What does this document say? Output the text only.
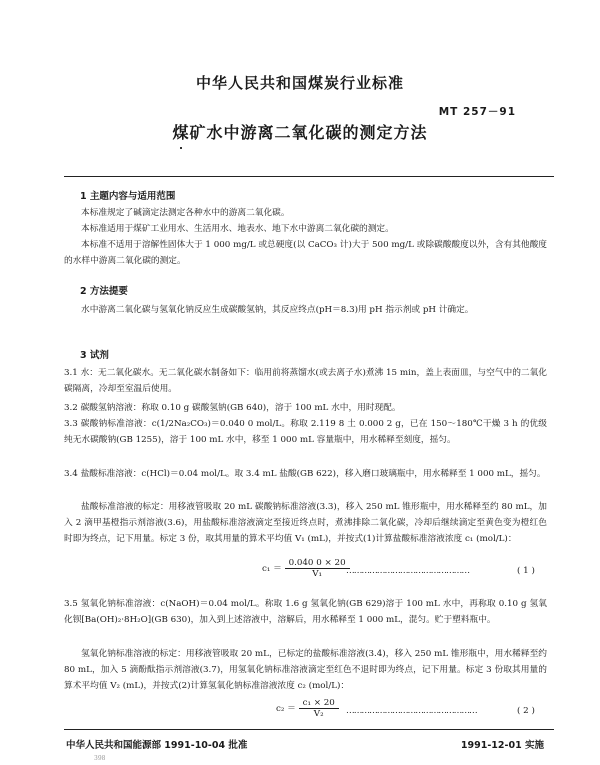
中华人民共和国煤炭行业标准
MT 257－91
煤矿水中游离二氧化碳的测定方法
1 主题内容与适用范围
本标准规定了碱滴定法测定各种水中的游离二氧化碳。
本标准适用于煤矿工业用水、生活用水、地表水、地下水中游离二氧化碳的测定。
本标准不适用于溶解性固体大于 1 000 mg/L 或总硬度(以 CaCO₃ 计)大于 500 mg/L 或除碳酸酸度以外，含有其他酸度的水样中游离二氧化碳的测定。
2 方法提要
水中游离二氧化碳与氢氧化钠反应生成碳酸氢钠，其反应终点(pH＝8.3)用 pH 指示剂或 pH 计确定。
3 试剂
3.1 水：无二氧化碳水。无二氧化碳水制备如下：临用前将蒸馏水(或去离子水)煮沸 15 min，盖上表面皿，与空气中的二氧化碳隔离，冷却至室温后使用。
3.2 碳酸氢钠溶液：称取 0.10 g 碳酸氢钠(GB 640)，溶于 100 mL 水中，用时现配。
3.3 碳酸钠标准溶液：c(1/2Na₂CO₃)＝0.040 0 mol/L。称取 2.119 8 土 0.000 2 g，已在 150～180℃干燥 3 h 的优级纯无水碳酸钠(GB 1255)，溶于 100 mL 水中，移至 1 000 mL 容量瓶中，用水稀释至刻度，摇匀。
3.4 盐酸标准溶液：c(HCl)＝0.04 mol/L。取 3.4 mL 盐酸(GB 622)，移入磨口玻璃瓶中，用水稀释至 1 000 mL，摇匀。
盐酸标准溶液的标定：用移液管吸取 20 mL 碳酸钠标准溶液(3.3)，移入 250 mL 锥形瓶中，用水稀释至约 80 mL，加入 2 滴甲基橙指示剂溶液(3.6)，用盐酸标准溶液滴定至接近终点时，煮沸排除二氧化碳，冷却后继续滴定至黄色变为橙红色时即为终点，记下用量。标定 3 份，取其用量的算术平均值 V₁ (mL)，并按式(1)计算盐酸标准溶液浓度 c₁ (mol/L)：
$c_1 = \frac{0.040 0 \times 20}{\text{V₁}}$
…………………………………………	( 1 )
3.5 氢氧化钠标准溶液：c(NaOH)＝0.04 mol/L。称取 1.6 g 氢氧化钠(GB 629)溶于 100 mL 水中，再称取 0.10 g 氢氧化钡[Ba(OH)₂·8H₂O](GB 630)，加入到上述溶液中，溶解后，用水稀释至 1 000 mL，混匀。贮于塑料瓶中。
氢氧化钠标准溶液的标定：用移液管吸取 20 mL，已标定的盐酸标准溶液(3.4)，移入 250 mL 锥形瓶中，用水稀释至约 80 mL，加入 5 滴酚酞指示剂溶液(3.7)，用氢氧化钠标准溶液滴定至红色不退时即为终点，记下用量。标定 3 份取其用量的算术平均值 V₂ (mL)，并按式(2)计算氢氧化钠标准溶液浓度 c₂ (mol/L)：
$c_2 = \frac{\text{c₁ × 20}}{\text{V₂}}$ ……………………………………………	( 2 )
中华人民共和国能源部 1991-10-04 批准	1991-12-01 实施
398
